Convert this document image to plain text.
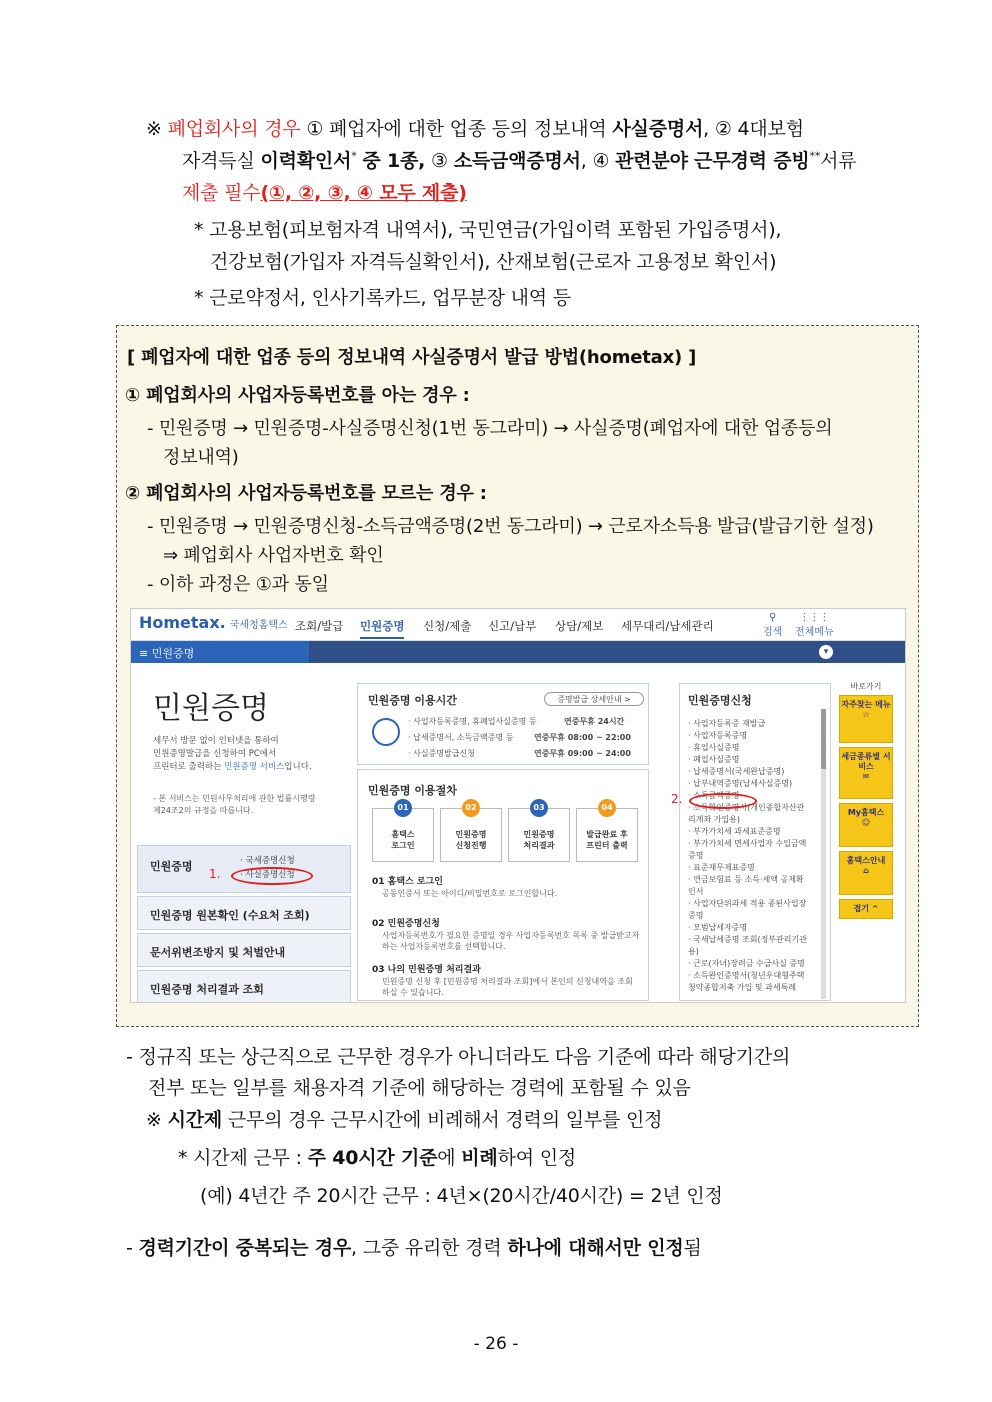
※ 폐업회사의 경우 ① 폐업자에 대한 업종 등의 정보내역 사실증명서, ② 4대보험
자격득실 이력확인서* 중 1종, ③ 소득금액증명서, ④ 관련분야 근무경력 증빙**서류
제출 필수(①, ②, ③, ④ 모두 제출)
* 고용보험(피보험자격 내역서), 국민연금(가입이력 포함된 가입증명서),
건강보험(가입자 자격득실확인서), 산재보험(근로자 고용정보 확인서)
* 근로약정서, 인사기록카드, 업무분장 내역 등
[ 폐업자에 대한 업종 등의 정보내역 사실증명서 발급 방법(hometax) ]
① 폐업회사의 사업자등록번호를 아는 경우 :
- 민원증명 → 민원증명-사실증명신청(1번 동그라미) → 사실증명(폐업자에 대한 업종등의
정보내역)
② 폐업회사의 사업자등록번호를 모르는 경우 :
- 민원증명 → 민원증명신청-소득금액증명(2번 동그라미) → 근로자소득용 발급(발급기한 설정)
⇒ 폐업회사 사업자번호 확인
- 이하 과정은 ①과 동일
Hometax. 국세청홈택스 조회/발급 민원증명 신청/제출 신고/납부 상담/제보 세무대리/납세관리
⚲
검색
⋮⋮⋮
전체메뉴
≡ 민원증명	▾
민원증명
세무서 방문 없이 인터넷을 통하여
민원증명발급을 신청하여 PC에서
프린터로 출력하는 민원증명 서비스입니다.
- 본 서비스는 민원사무처리에 관한 법률시행령
제24조2의 규정을 따릅니다.
민원증명	· 국세증명신청
· 사실증명신청
1.
민원증명 원본확인 (수요처 조회)
문서위변조방지 및 처벌안내
민원증명 처리결과 조회
민원증명 이용시간	증명발급 상세안내 >
· 사업자등록증명, 휴폐업사실증명 등	연중무휴 24시간
· 납세증명서, 소득금액증명 등	연중무휴 08:00 ~ 22:00
· 사실증명발급신청	연중무휴 09:00 ~ 24:00
민원증명 이용절차
01
홈택스
로그인
02
민원증명
신청진행
03
민원증명
처리결과
04
발급완료 후
프린터 출력
01 홈택스 로그인
공동인증서 또는 아이디/비밀번호로 로그인합니다.
02 민원증명신청
사업자등록번호가 필요한 증명일 경우 사업자등록번호 목록 중 발급받고자 하는 사업자등록번호를 선택합니다.
03 나의 민원증명 처리결과
민원증명 신청 후 [민원증명 처리결과 조회]에서 본인의 신청내역을 조회 하실 수 있습니다.
민원증명신청
· 사업자등록증 재발급
· 사업자등록증명
· 휴업사실증명
· 폐업사실증명
· 납세증명서(국세완납증명)
· 납부내역증명(납세사실증명)
· 소득금액증명
· 소득확인증명서(개인종합자산관리계좌 가입용)
· 부가가치세 과세표준증명
· 부가가치세 면세사업자 수입금액증명
· 표준재무제표증명
· 연금보험료 등 소득·세액 공제확인서
· 사업자단위과세 적용 종된사업장증명
· 모범납세자증명
· 국세납세증명 조회(정부관리기관용)
· 근로(자녀)장려금 수급사실 증명
· 소득완인증명서(청년우대형주택청약종합저축 가입 및 과세특례
2.
바로가기
자주찾는 메뉴
☆
세금종류별 서비스
✉
My홈택스
☺
홈택스안내
⌂
접기 ^
- 정규직 또는 상근직으로 근무한 경우가 아니더라도 다음 기준에 따라 해당기간의
전부 또는 일부를 채용자격 기준에 해당하는 경력에 포함될 수 있음
※ 시간제 근무의 경우 근무시간에 비례해서 경력의 일부를 인정
* 시간제 근무 : 주 40시간 기준에 비례하여 인정
(예) 4년간 주 20시간 근무 : 4년×(20시간/40시간) = 2년 인정
- 경력기간이 중복되는 경우, 그중 유리한 경력 하나에 대해서만 인정됨
- 26 -
